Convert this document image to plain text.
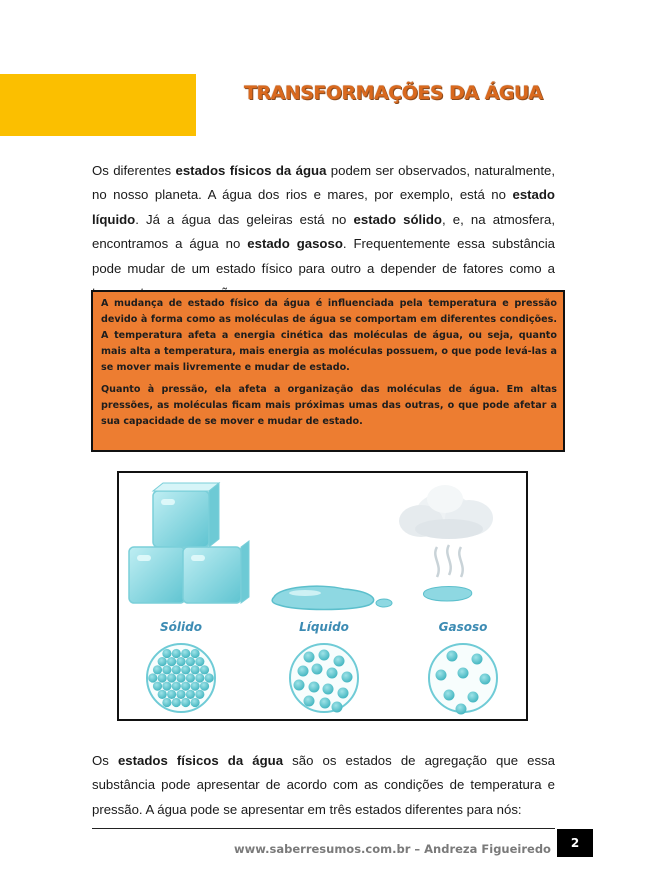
TRANSFORMAÇÕES DA ÁGUA
Os diferentes estados físicos da água podem ser observados, naturalmente, no nosso planeta. A água dos rios e mares, por exemplo, está no estado líquido. Já a água das geleiras está no estado sólido, e, na atmosfera, encontramos a água no estado gasoso. Frequentemente essa substância pode mudar de um estado físico para outro a depender de fatores como a

A mudança de estado físico da água é influenciada pela temperatura e pressão devido à forma como as moléculas de água se comportam em diferentes condições. A temperatura afeta a energia cinética das moléculas de água, ou seja, quanto mais alta a temperatura, mais energia as moléculas possuem, o que pode levá-las a se mover mais livremente e mudar de estado.

Quanto à pressão, ela afeta a organização das moléculas de água. Em altas pressões, as moléculas ficam mais próximas umas das outras, o que pode afetar a sua capacidade de se mover e mudar de estado.

Sólido	Líquido	Gasoso
Os estados físicos da água são os estados de agregação que essa substância pode apresentar de acordo com as condições de temperatura e pressão. A água pode se apresentar em três estados diferentes para nós:
www.saberresumos.com.br – Andreza Figueiredo	2
